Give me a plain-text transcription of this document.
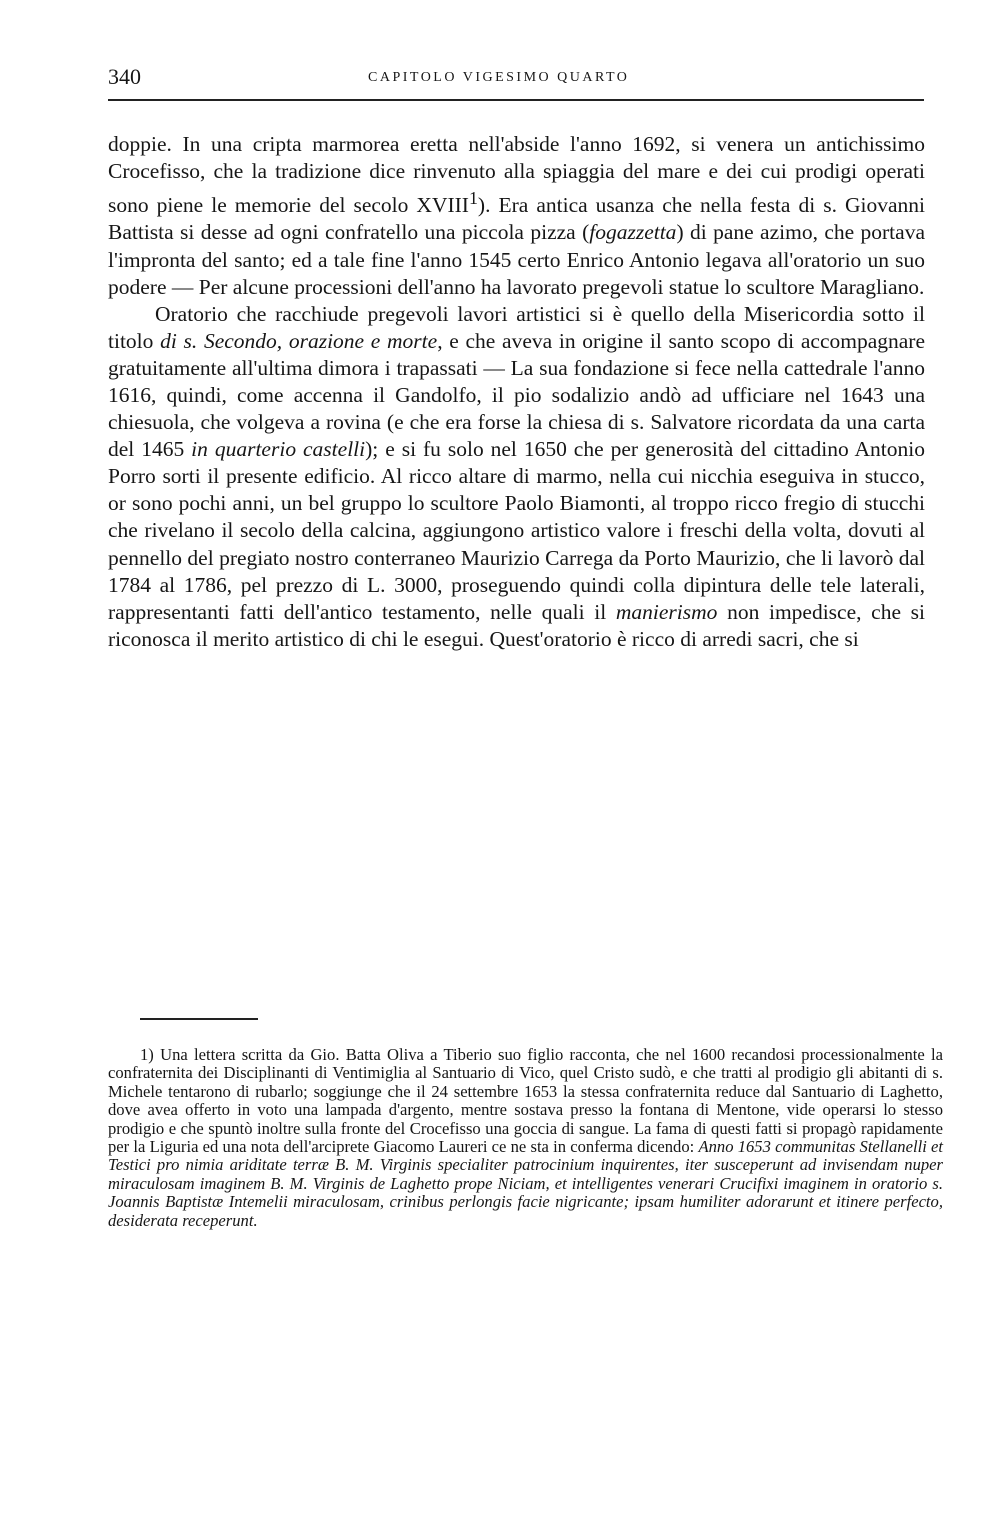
340	CAPITOLO VIGESIMO QUARTO

doppie. In una cripta marmorea eretta nell'abside l'anno 1692, si venera un antichissimo Crocefisso, che la tradizione dice rinvenuto alla spiaggia del mare e dei cui prodigi operati sono piene le memorie del secolo XVIII$^1$). Era antica usanza che nella festa di s. Giovanni Battista si desse ad ogni confratello una piccola pizza (fogazzetta) di pane azimo, che portava l'impronta del santo; ed a tale fine l'anno 1545 certo Enrico Antonio legava all'oratorio un suo podere — Per alcune processioni dell'anno ha lavorato pregevoli statue lo scultore Maragliano.

Oratorio che racchiude pregevoli lavori artistici si è quello della Misericordia sotto il titolo di s. Secondo, orazione e morte, e che aveva in origine il santo scopo di accompagnare gratuitamente all'ultima dimora i trapassati — La sua fondazione si fece nella cattedrale l'anno 1616, quindi, come accenna il Gandolfo, il pio sodalizio andò ad ufficiare nel 1643 una chiesuola, che volgeva a rovina (e che era forse la chiesa di s. Salvatore ricordata da una carta del 1465 in quarterio castelli); e si fu solo nel 1650 che per generosità del cittadino Antonio Porro sorti il presente edificio. Al ricco altare di marmo, nella cui nicchia eseguiva in stucco, or sono pochi anni, un bel gruppo lo scultore Paolo Biamonti, al troppo ricco fregio di stucchi che rivelano il secolo della calcina, aggiungono artistico valore i freschi della volta, dovuti al pennello del pregiato nostro conterraneo Maurizio Carrega da Porto Maurizio, che li lavorò dal 1784 al 1786, pel prezzo di L. 3000, proseguendo quindi colla dipintura delle tele laterali, rappresentanti fatti dell'antico testamento, nelle quali il manierismo non impedisce, che si riconosca il merito artistico di chi le esegui. Quest'oratorio è ricco di arredi sacri, che si

1) Una lettera scritta da Gio. Batta Oliva a Tiberio suo figlio racconta, che nel 1600 recandosi processionalmente la confraternita dei Disciplinanti di Ventimiglia al Santuario di Vico, quel Cristo sudò, e che tratti al prodigio gli abitanti di s. Michele tentarono di rubarlo; soggiunge che il 24 settembre 1653 la stessa confraternita reduce dal Santuario di Laghetto, dove avea offerto in voto una lampada d'argento, mentre sostava presso la fontana di Mentone, vide operarsi lo stesso prodigio e che spuntò inoltre sulla fronte del Crocefisso una goccia di sangue. La fama di questi fatti si propagò rapidamente per la Liguria ed una nota dell'arciprete Giacomo Laureri ce ne sta in conferma dicendo: Anno 1653 communitas Stellanelli et Testici pro nimia ariditate terræ B. M. Virginis specialiter patrocinium inquirentes, iter susceperunt ad invisendam nuper miraculosam imaginem B. M. Virginis de Laghetto prope Niciam, et intelligentes venerari Crucifixi imaginem in oratorio s. Joannis Baptistæ Intemelii miraculosam, crinibus perlongis facie nigricante; ipsam humiliter adorarunt et itinere perfecto, desiderata receperunt.
